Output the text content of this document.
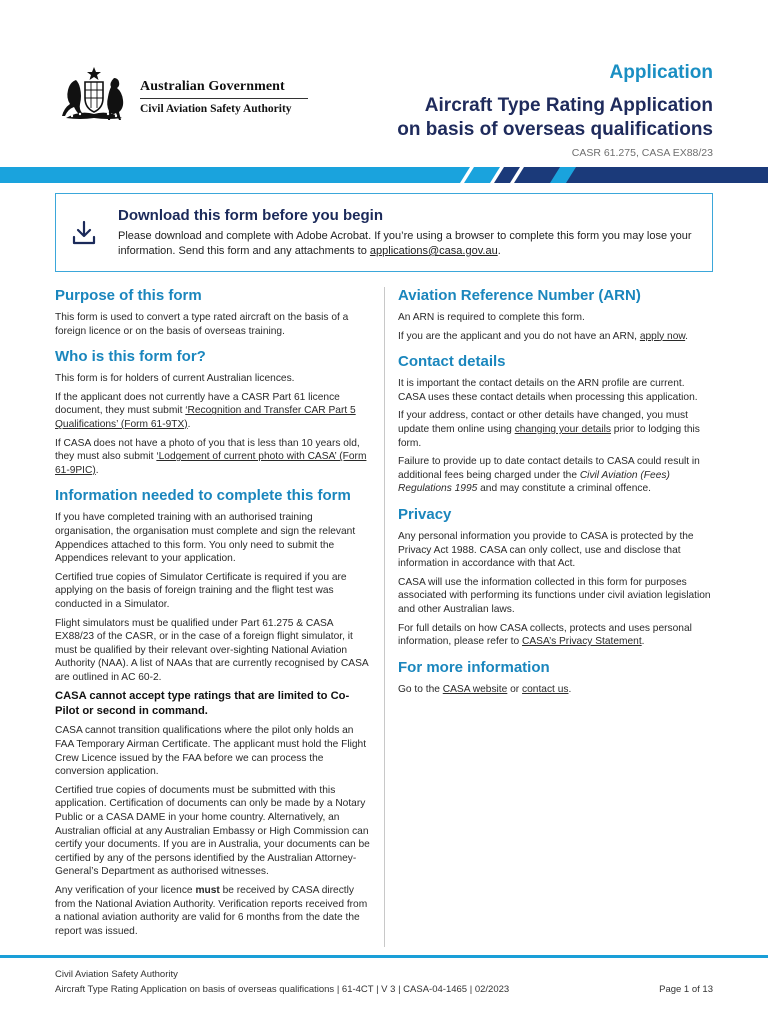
Australian Government
Civil Aviation Safety Authority
Application
Aircraft Type Rating Application
on basis of overseas qualifications
CASR 61.275, CASA EX88/23
Download this form before you begin
Please download and complete with Adobe Acrobat. If you’re using a browser to complete this form you may lose your information. Send this form and any attachments to applications@casa.gov.au.
Purpose of this form

This form is used to convert a type rated aircraft on the basis of a foreign licence or on the basis of overseas training.

Who is this form for?

This form is for holders of current Australian licences.

If the applicant does not currently have a CASR Part 61 licence document, they must submit ‘Recognition and Transfer CAR Part 5 Qualifications’ (Form 61-9TX).

If CASA does not have a photo of you that is less than 10 years old, they must also submit ‘Lodgement of current photo with CASA’ (Form 61-9PIC).

Information needed to complete this form

If you have completed training with an authorised training organisation, the organisation must complete and sign the relevant Appendices attached to this form. You only need to submit the Appendices relevant to your application.

Certified true copies of Simulator Certificate is required if you are applying on the basis of foreign training and the flight test was conducted in a Simulator.

Flight simulators must be qualified under Part 61.275 & CASA EX88/23 of the CASR, or in the case of a foreign flight simulator, it must be qualified by their relevant over-sighting National Aviation Authority (NAA). A list of NAAs that are currently recognised by CASA are outlined in AC 60-2.

CASA cannot accept type ratings that are limited to Co-Pilot or second in command.

CASA cannot transition qualifications where the pilot only holds an FAA Temporary Airman Certificate. The applicant must hold the Flight Crew Licence issued by the FAA before we can process the conversion application.

Certified true copies of documents must be submitted with this application. Certification of documents can only be made by a Notary Public or a CASA DAME in your home country. Alternatively, an Australian official at any Australian Embassy or High Commission can certify your documents. If you are in Australia, your documents can be certified by any of the persons identified by the Australian Attorney-General’s Department as authorised witnesses.

Any verification of your licence must be received by CASA directly from the National Aviation Authority. Verification reports received from a national aviation authority are valid for 6 months from the date the report was issued.

Aviation Reference Number (ARN)

An ARN is required to complete this form.

If you are the applicant and you do not have an ARN, apply now.

Contact details

It is important the contact details on the ARN profile are current. CASA uses these contact details when processing this application.

If your address, contact or other details have changed, you must update them online using changing your details prior to lodging this form.

Failure to provide up to date contact details to CASA could result in additional fees being charged under the Civil Aviation (Fees) Regulations 1995 and may constitute a criminal offence.

Privacy

Any personal information you provide to CASA is protected by the Privacy Act 1988. CASA can only collect, use and disclose that information in accordance with that Act.

CASA will use the information collected in this form for purposes associated with performing its functions under civil aviation legislation and other Australian laws.

For full details on how CASA collects, protects and uses personal information, please refer to CASA’s Privacy Statement.

For more information

Go to the CASA website or contact us.

Civil Aviation Safety Authority
Aircraft Type Rating Application on basis of overseas qualifications | 61-4CT | V 3 | CASA-04-1465 | 02/2023	Page 1 of 13
